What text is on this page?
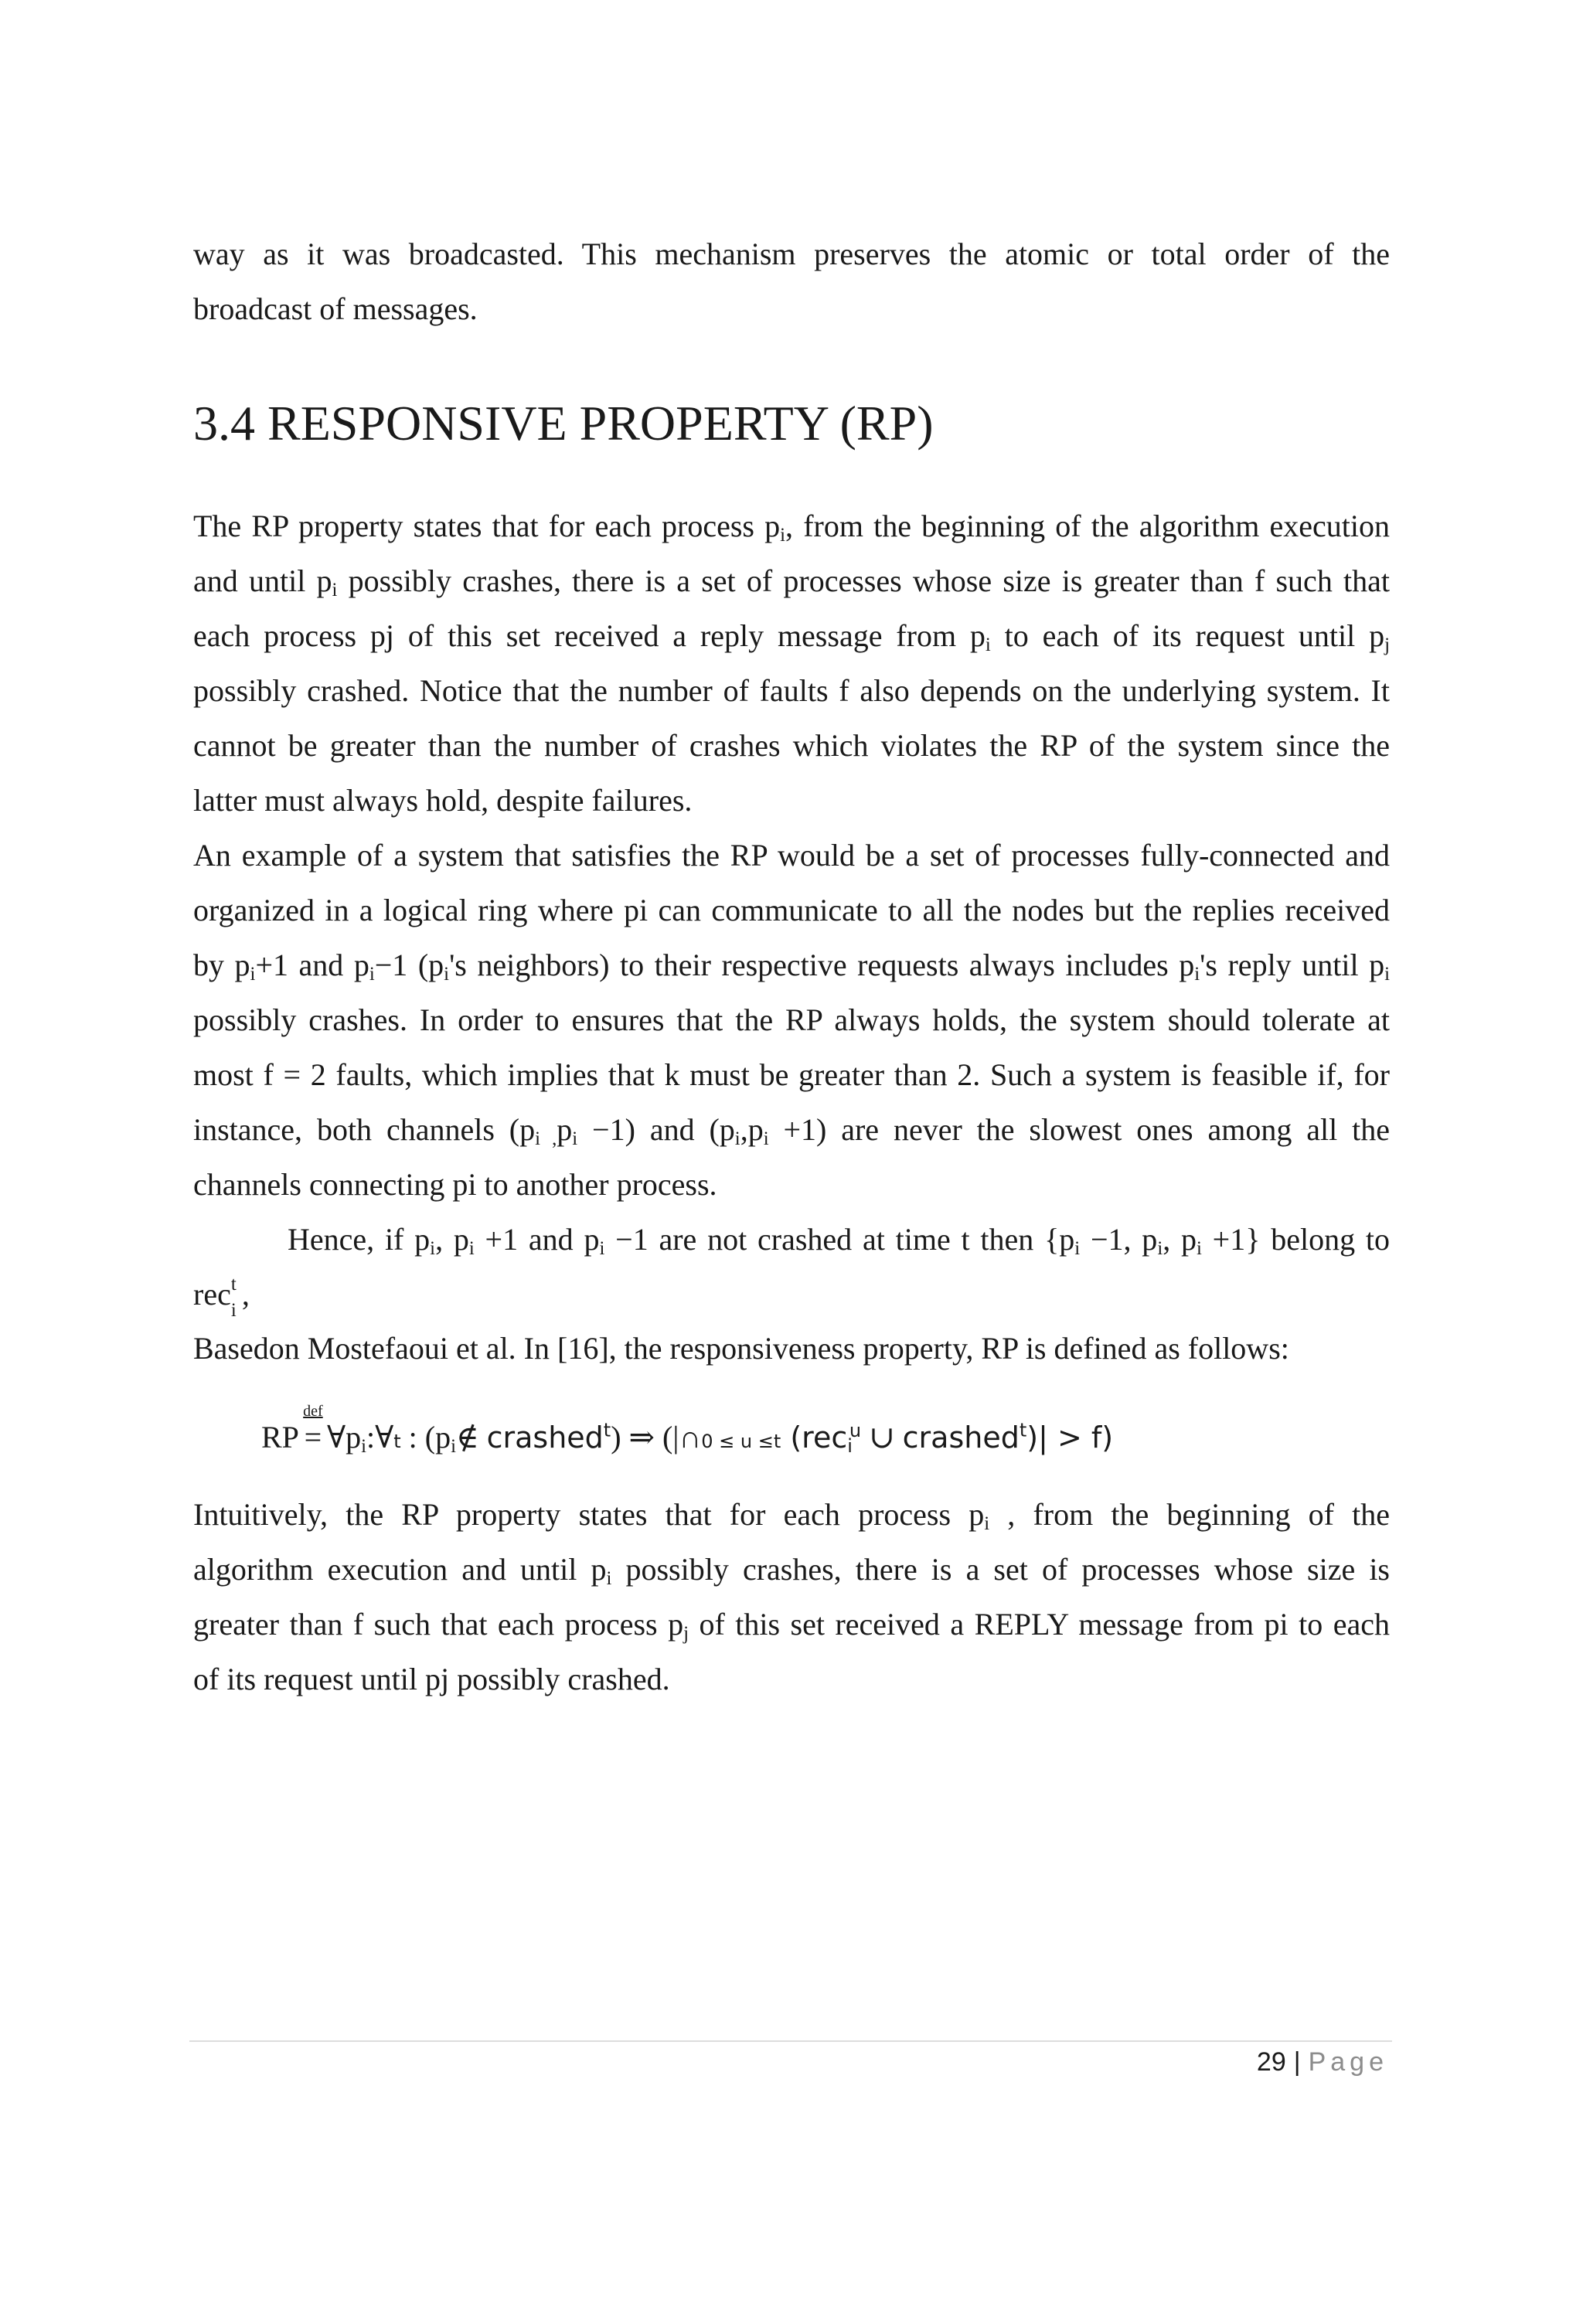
way as it was broadcasted. This mechanism preserves the atomic or total order of the
broadcast of messages.

3.4 RESPONSIVE PROPERTY (RP)

The RP property states that for each process $p_i$, from the beginning of the algorithm execution
and until $p_i$ possibly crashes, there is a set of processes whose size is greater than f such that
each process pj of this set received a reply message from $p_i$ to each of its request until $p_j$
possibly crashed. Notice that the number of faults f also depends on the underlying system. It
cannot be greater than the number of crashes which violates the RP of the system since the
latter must always hold, despite failures.

An example of a system that satisfies the RP would be a set of processes fully-connected and
organized in a logical ring where pi can communicate to all the nodes but the replies received
by $p_i+1$ and $p_i-1$ ($p_i's$ neighbors) to their respective requests always includes $p_i's$ reply until $p_i$
possibly crashes. In order to ensures that the RP always holds, the system should tolerate at
most f = 2 faults, which implies that k must be greater than 2. Such a system is feasible if, for
instance, both channels ($p_i$ $_,p_i -1$) and $(p_i,p_i +1)$ are never the slowest ones among all the
channels connecting pi to another process.

Hence, if $p_i$, $p_i +1$ and $p_i -1$ are not crashed at time t then {$p_i -1$, $p_i$, $p_i +1$} belong to
rec t
i ,

Basedon Mostefaoui et al. In [16], the responsiveness property, RP is defined as follows:

RP
def
= $\forall p_i:\forall t$ : ($p_i\notin$ crashed$^t$) ⇒ (|∩0 ≤ u ≤t (rec$_i^u$ ∪ crashed$^t$)| > f)

Intuitively, the RP property states that for each process $p_i$ , from the beginning of the
algorithm execution and until $p_i$ possibly crashes, there is a set of processes whose size is
greater than f such that each process $p_j$ of this set received a REPLY message from pi to each
of its request until pj possibly crashed.

29 | Page
